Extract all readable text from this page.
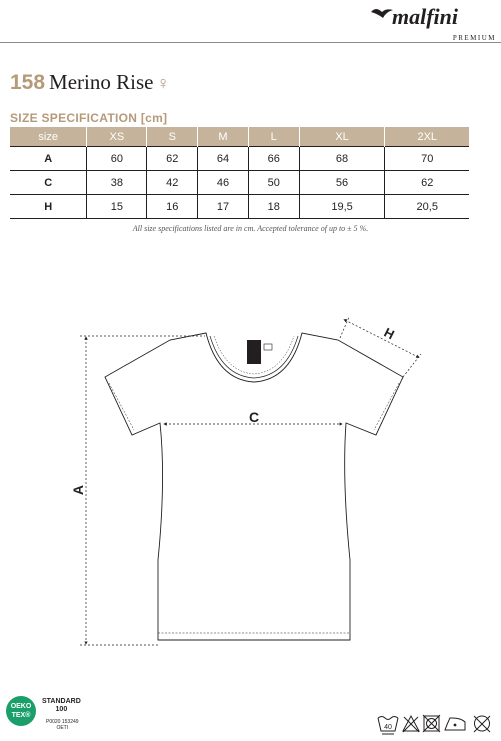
malfini
PREMIUM
158 Merino Rise ♀
SIZE SPECIFICATION [cm]
size	XS	S	M	L	XL	2XL
A	60	62	64	66	68	70
C	38	42	46	50	56	62
H	15	16	17	18	19,5	20,5
All size specifications listed are in cm. Accepted tolerance of up to ± 5 %.
A
C
H
OEKO
TEX®
STANDARD
100
P0020 153249
OETI	40
